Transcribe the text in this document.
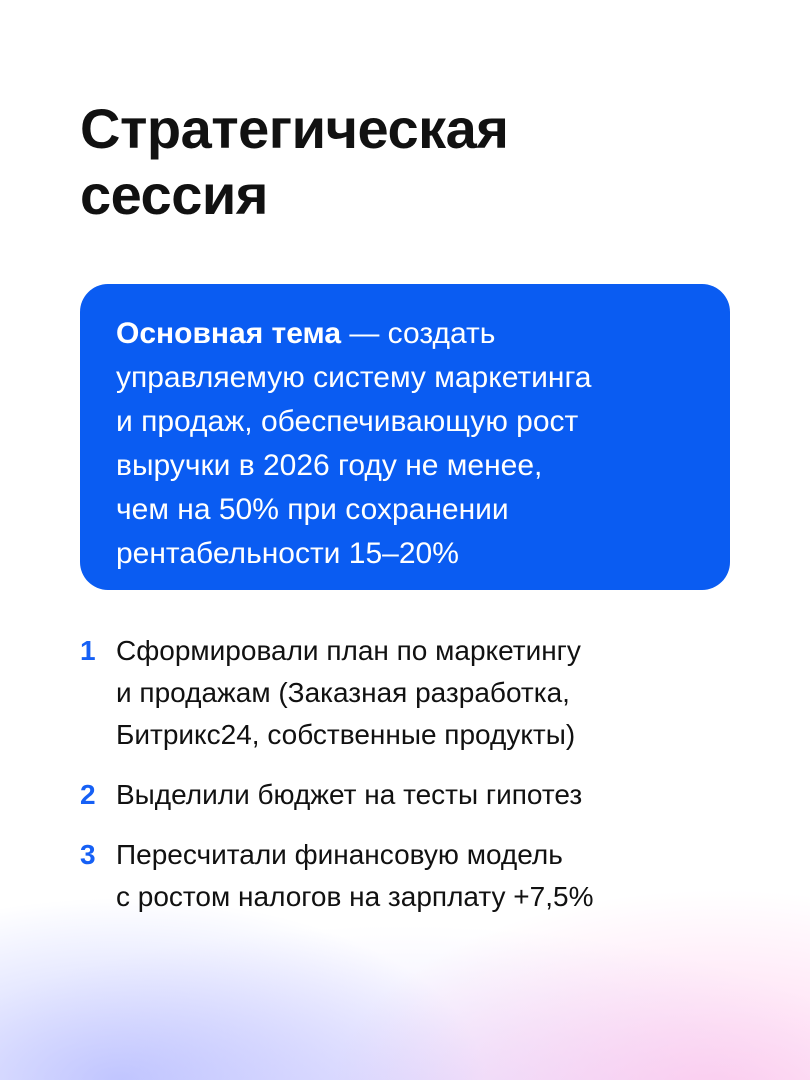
Стратегическая
сессия
Основная тема — создать
управляемую систему маркетинга
и продаж, обеспечивающую рост
выручки в 2026 году не менее,
чем на 50% при сохранении
рентабельности 15–20%
1 Сформировали план по маркетингу
и продажам (Заказная разработка,
Битрикс24, собственные продукты)
2 Выделили бюджет на тесты гипотез
3 Пересчитали финансовую модель
с ростом налогов на зарплату +7,5%
